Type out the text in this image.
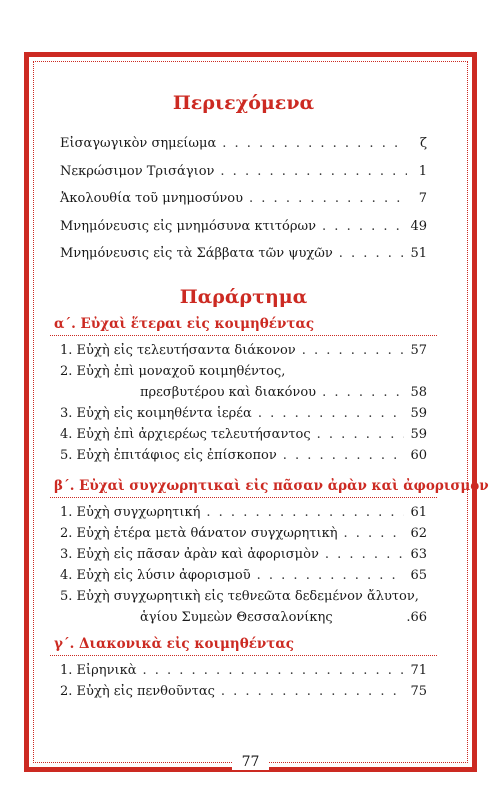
Περιεχόμενα
Εἰσαγωγικὸν σημείωμα . . .	ζ
Νεκρώσιμον Τρισάγιον . . .	1
Ἀκολουθία τοῦ μνημοσύνου . . .	7
Μνημόνευσις εἰς μνημόσυνα κτιτόρων . . .	49
Μνημόνευσις εἰς τὰ Σάββατα τῶν ψυχῶν . . .	51
Παράρτημα
α΄. Εὐχαὶ ἕτεραι εἰς κοιμηθέντας
1. Εὐχὴ εἰς τελευτήσαντα διάκονον . . .	57
2. Εὐχὴ ἐπὶ μοναχοῦ κοιμηθέντος,
πρεσβυτέρου καὶ διακόνου . . .	58
3. Εὐχὴ εἰς κοιμηθέντα ἱερέα . . .	59
4. Εὐχὴ ἐπὶ ἀρχιερέως τελευτήσαντος . . .	59
5. Εὐχὴ ἐπιτάφιος εἰς ἐπίσκοπον . . .	60
β΄. Εὐχαὶ συγχωρητικαὶ εἰς πᾶσαν ἀρὰν καὶ ἀφορισμὸν
1. Εὐχὴ συγχωρητική . . .	61
2. Εὐχὴ ἑτέρα μετὰ θάνατον συγχωρητικὴ . . .	62
3. Εὐχὴ εἰς πᾶσαν ἀρὰν καὶ ἀφορισμὸν . . .	63
4. Εὐχὴ εἰς λύσιν ἀφορισμοῦ . . .	65
5. Εὐχὴ συγχωρητικὴ εἰς τεθνεῶτα δεδεμένον ἄλυτον,
ἁγίου Συμεὼν Θεσσαλονίκης	.66
γ΄. Διακονικὰ εἰς κοιμηθέντας
1. Εἰρηνικὰ . . .	71
2. Εὐχὴ εἰς πενθοῦντας . . .	75
77
